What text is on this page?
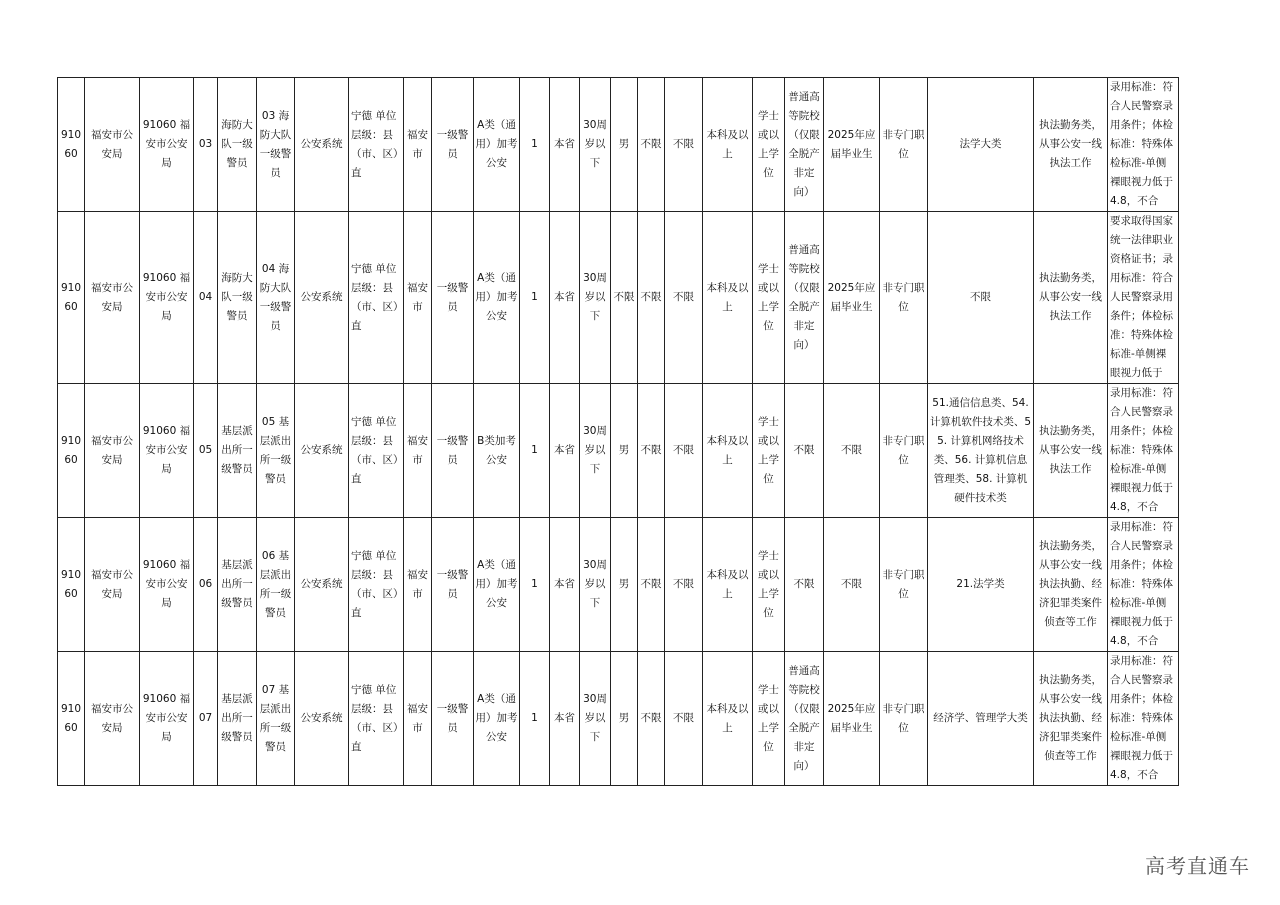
91060	福安市公安局	91060 福安市公安局	03	海防大队一级警员	03 海防大队一级警员	公安系统	宁德 单位层级：县（市、区）直	福安市	一级警员	A类（通用）加考公安	1	本省	30周岁以下	男	不限	不限	本科及以上	学士或以上学位	普通高等院校（仅限全脱产非定向）	2025年应届毕业生	非专门职位	法学大类	执法勤务类，从事公安一线执法工作	录用标准：符合人民警察录用条件；体检标准：特殊体检标准-单侧裸眼视力低于4.8，不合

91060	福安市公安局	91060 福安市公安局	04	海防大队一级警员	04 海防大队一级警员	公安系统	宁德 单位层级：县（市、区）直	福安市	一级警员	A类（通用）加考公安	1	本省	30周岁以下	不限	不限	不限	本科及以上	学士或以上学位	普通高等院校（仅限全脱产非定向）	2025年应届毕业生	非专门职位	不限	执法勤务类，从事公安一线执法工作	要求取得国家统一法律职业资格证书；录用标准：符合人民警察录用条件；体检标准：特殊体检标准-单侧裸眼视力低于

91060	福安市公安局	91060 福安市公安局	05	基层派出所一级警员	05 基层派出所一级警员	公安系统	宁德 单位层级：县（市、区）直	福安市	一级警员	B类加考公安	1	本省	30周岁以下	男	不限	不限	本科及以上	学士或以上学位	不限	不限	非专门职位	51.通信信息类、54.计算机软件技术类、55. 计算机网络技术类、56. 计算机信息管理类、58. 计算机硬件技术类	执法勤务类，从事公安一线执法工作	录用标准：符合人民警察录用条件；体检标准：特殊体检标准-单侧裸眼视力低于4.8，不合

91060	福安市公安局	91060 福安市公安局	06	基层派出所一级警员	06 基层派出所一级警员	公安系统	宁德 单位层级：县（市、区）直	福安市	一级警员	A类（通用）加考公安	1	本省	30周岁以下	男	不限	不限	本科及以上	学士或以上学位	不限	不限	非专门职位	21.法学类	执法勤务类，从事公安一线执法执勤、经济犯罪类案件侦查等工作	录用标准：符合人民警察录用条件；体检标准：特殊体检标准-单侧裸眼视力低于4.8，不合

91060	福安市公安局	91060 福安市公安局	07	基层派出所一级警员	07 基层派出所一级警员	公安系统	宁德 单位层级：县（市、区）直	福安市	一级警员	A类（通用）加考公安	1	本省	30周岁以下	男	不限	不限	本科及以上	学士或以上学位	普通高等院校（仅限全脱产非定向）	2025年应届毕业生	非专门职位	经济学、管理学大类	执法勤务类，从事公安一线执法执勤、经济犯罪类案件侦查等工作	录用标准：符合人民警察录用条件；体检标准：特殊体检标准-单侧裸眼视力低于4.8，不合
高考直通车
